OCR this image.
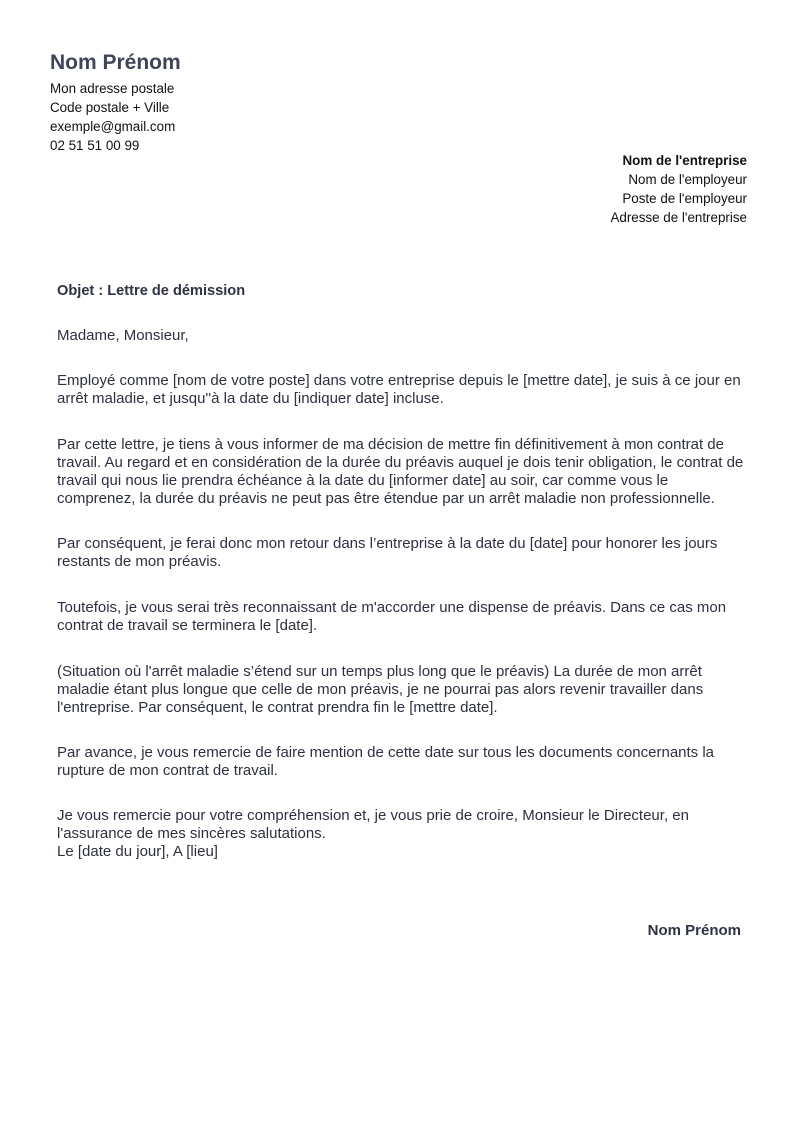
Nom Prénom

Mon adresse postale

Code postale + Ville

exemple@gmail.com

02 51 51 00 99

Nom de l'entreprise

Nom de l'employeur

Poste de l'employeur

Adresse de l'entreprise

Objet : Lettre de démission

Madame, Monsieur,

Employé comme [nom de votre poste] dans votre entreprise depuis le [mettre date], je suis à ce jour en arrêt maladie, et jusqu''à la date du [indiquer date] incluse.

Par cette lettre, je tiens à vous informer de ma décision de mettre fin définitivement à mon contrat de travail. Au regard et en considération de la durée du préavis auquel je dois tenir obligation, le contrat de travail qui nous lie prendra échéance à la date du [informer date] au soir, car comme vous le comprenez, la durée du préavis ne peut pas être étendue par un arrêt maladie non professionnelle.

Par conséquent, je ferai donc mon retour dans l’entreprise à la date du [date] pour honorer les jours restants de mon préavis.

Toutefois, je vous serai très reconnaissant de m'accorder une dispense de préavis. Dans ce cas mon contrat de travail se terminera le [date].

(Situation où l'arrêt maladie s’étend sur un temps plus long que le préavis) La durée de mon arrêt maladie étant plus longue que celle de mon préavis, je ne pourrai pas alors revenir travailler dans l'entreprise. Par conséquent, le contrat prendra fin le [mettre date].

Par avance, je vous remercie de faire mention de cette date sur tous les documents concernants la rupture de mon contrat de travail.

Je vous remercie pour votre compréhension et, je vous prie de croire, Monsieur le Directeur, en l'assurance de mes sincères salutations.

Le [date du jour], A [lieu]

Nom Prénom
